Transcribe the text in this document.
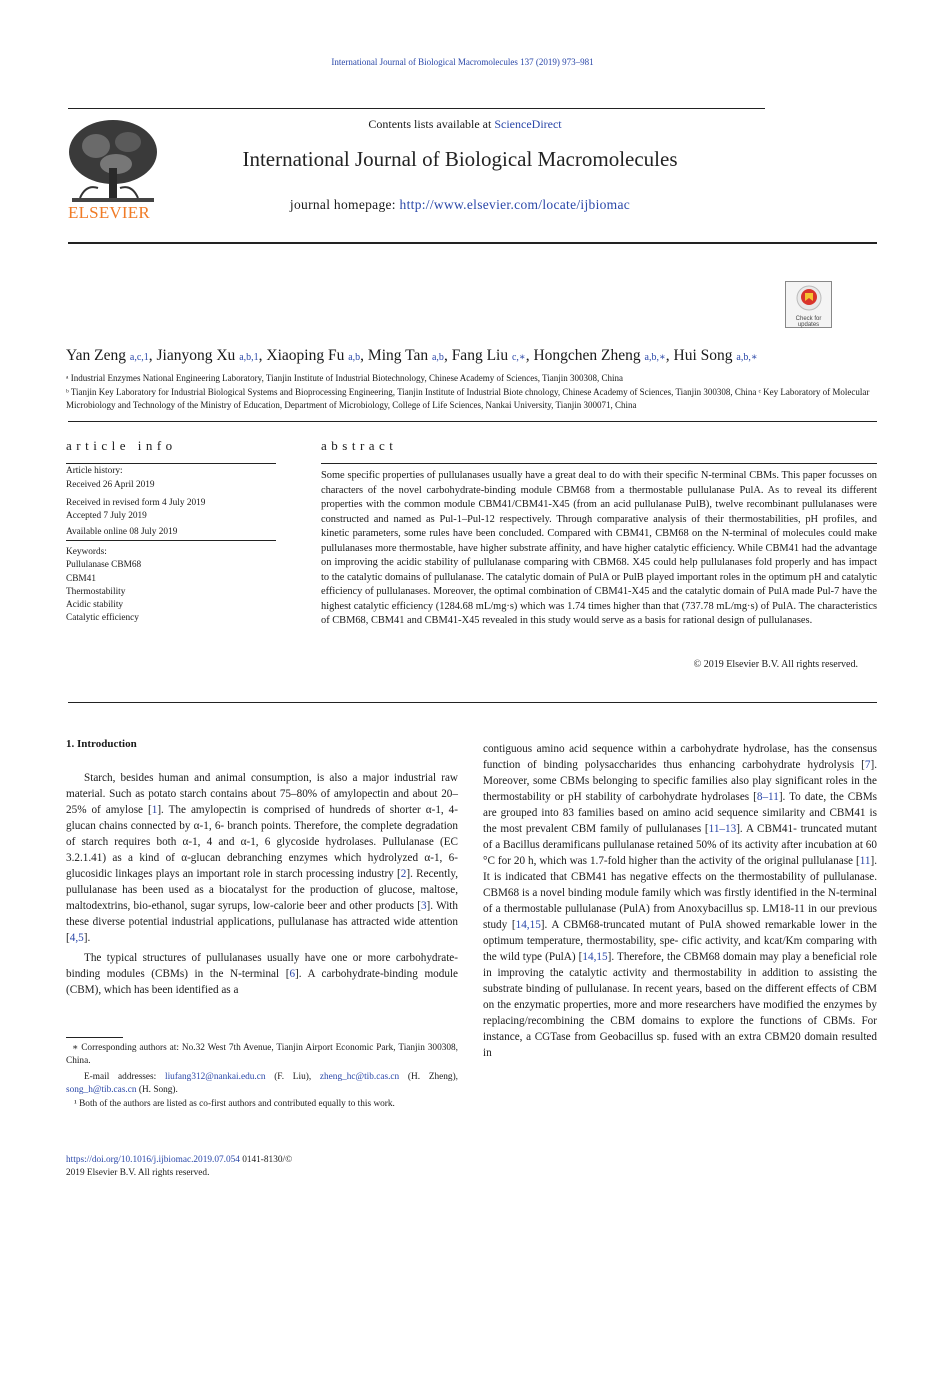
International Journal of Biological Macromolecules 137 (2019) 973–981
ELSEVIER
Contents lists available at ScienceDirect
International Journal of Biological Macromolecules
journal homepage: http://www.elsevier.com/locate/ijbiomac
Check for updates
Yan Zeng a,c,1, Jianyong Xu a,b,1, Xiaoping Fu a,b, Ming Tan a,b, Fang Liu c,∗, Hongchen Zheng a,b,∗, Hui Song a,b,∗
ᵃ Industrial Enzymes National Engineering Laboratory, Tianjin Institute of Industrial Biotechnology, Chinese Academy of Sciences, Tianjin 300308, China
ᵇ Tianjin Key Laboratory for Industrial Biological Systems and Bioprocessing Engineering, Tianjin Institute of Industrial Biote chnology, Chinese Academy of Sciences, Tianjin 300308, China ᶜ Key Laboratory of Molecular Microbiology and Technology of the Ministry of Education, Department of Microbiology, College of Life Sciences, Nankai University, Tianjin 300071, China
article info
Article history:
Received 26 April 2019
Received in revised form 4 July 2019
Accepted 7 July 2019
Available online 08 July 2019
Keywords:
Pullulanase CBM68
CBM41
Thermostability
Acidic stability
Catalytic efficiency
abstract
Some specific properties of pullulanases usually have a great deal to do with their specific N-terminal CBMs. This paper focusses on characters of the novel carbohydrate-binding module CBM68 from a thermostable pullulanase PulA. As to reveal its different properties with the common module CBM41/CBM41-X45 (from an acid pullulanase PulB), twelve recombinant pullulanases were constructed and named as Pul-1–Pul-12 respectively. Through comparative analysis of their thermostabilities, pH profiles, and kinetic parameters, some rules have been concluded. Compared with CBM41, CBM68 on the N-terminal of molecules could make pullulanases more thermostable, have higher substrate affinity, and have higher catalytic efficiency. While CBM41 had the advantage on improving the acidic stability of pullulanase comparing with CBM68. X45 could help pullulanases fold properly and has impact to the catalytic domains of pullulanase. The catalytic domain of PulA or PulB played important roles in the optimum pH and catalytic efficiency of pullulanases. Moreover, the optimal combination of CBM41-X45 and the catalytic domain of PulA made Pul-7 have the highest catalytic efficiency (1284.68 mL/mg·s) which was 1.74 times higher than that (737.78 mL/mg·s) of PulA. The characteristics of CBM68, CBM41 and CBM41-X45 revealed in this study would serve as a basis for rational design of pullulanases.
© 2019 Elsevier B.V. All rights reserved.
1. Introduction

Starch, besides human and animal consumption, is also a major industrial raw material. Such as potato starch contains about 75–80% of amylopectin and about 20–25% of amylose [1]. The amylopectin is comprised of hundreds of shorter α-1, 4-glucan chains connected by α-1, 6- branch points. Therefore, the complete degradation of starch requires both α-1, 4 and α-1, 6 glycoside hydrolases. Pullulanase (EC 3.2.1.41) as a kind of α-glucan debranching enzymes which hydrolyzed α-1, 6- glucosidic linkages plays an important role in starch processing industry [2]. Recently, pullulanase has been used as a biocatalyst for the production of glucose, maltose, maltodextrins, bio-ethanol, sugar syrups, low-calorie beer and other products [3]. With these diverse potential industrial applications, pullulanase has attracted wide attention [4,5].

The typical structures of pullulanases usually have one or more carbohydrate-binding modules (CBMs) in the N-terminal [6]. A carbohydrate-binding module (CBM), which has been identified as a

contiguous amino acid sequence within a carbohydrate hydrolase, has the consensus function of binding polysaccharides thus enhancing carbohydrate hydrolysis [7]. Moreover, some CBMs belonging to specific families also play significant roles in the thermostability or pH stability of carbohydrate hydrolases [8–11]. To date, the CBMs are grouped into 83 families based on amino acid sequence similarity and CBM41 is the most prevalent CBM family of pullulanases [11–13]. A CBM41- truncated mutant of a Bacillus deramificans pullulanase retained 50% of its activity after incubation at 60 °C for 20 h, which was 1.7-fold higher than the activity of the original pullulanase [11]. It is indicated that CBM41 has negative effects on the thermostability of pullulanase. CBM68 is a novel binding module family which was firstly identified in the N-terminal of a thermostable pullulanase (PulA) from Anoxybacillus sp. LM18-11 in our previous study [14,15]. A CBM68-truncated mutant of PulA showed remarkable lower in the optimum temperature, thermostability, spe- cific activity, and kcat/Km comparing with the wild type (PulA) [14,15]. Therefore, the CBM68 domain may play a beneficial role in improving the catalytic activity and thermostability in addition to assisting the substrate binding of pullulanase. In recent years, based on the different effects of CBM on the enzymatic properties, more and more researchers have modified the enzymes by replacing/recombining the CBM domains to explore the functions of CBMs. For instance, a CGTase from Geobacillus sp. fused with an extra CBM20 domain resulted in

∗ Corresponding authors at: No.32 West 7th Avenue, Tianjin Airport Economic Park, Tianjin 300308, China.
E-mail addresses: liufang312@nankai.edu.cn (F. Liu), zheng_hc@tib.cas.cn (H. Zheng), song_h@tib.cas.cn (H. Song).
¹ Both of the authors are listed as co-first authors and contributed equally to this work.
https://doi.org/10.1016/j.ijbiomac.2019.07.054 0141-8130/© 2019 Elsevier B.V. All rights reserved.
